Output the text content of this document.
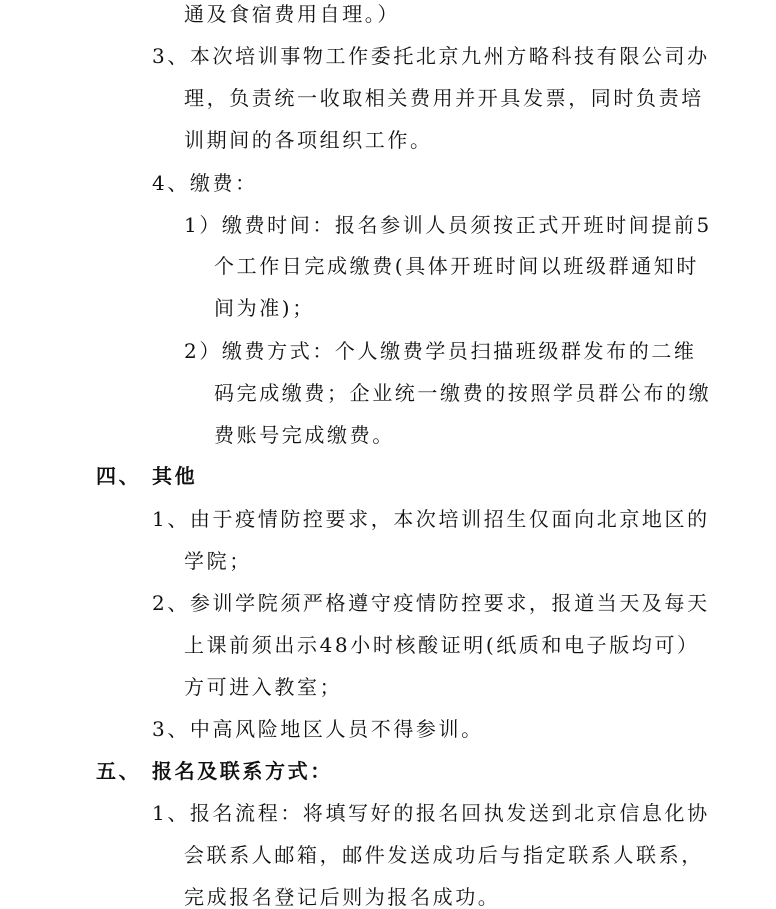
通及食宿费用自理。）
3、本次培训事物工作委托北京九州方略科技有限公司办
理，负责统一收取相关费用并开具发票，同时负责培
训期间的各项组织工作。
4、缴费：
1）缴费时间：报名参训人员须按正式开班时间提前5
个工作日完成缴费(具体开班时间以班级群通知时
间为准)；
2）缴费方式：个人缴费学员扫描班级群发布的二维
码完成缴费；企业统一缴费的按照学员群公布的缴
费账号完成缴费。
四、 其他
1、由于疫情防控要求，本次培训招生仅面向北京地区的
学院；
2、参训学院须严格遵守疫情防控要求，报道当天及每天
上课前须出示48小时核酸证明(纸质和电子版均可）
方可进入教室；
3、中高风险地区人员不得参训。
五、 报名及联系方式：
1、报名流程：将填写好的报名回执发送到北京信息化协
会联系人邮箱，邮件发送成功后与指定联系人联系，
完成报名登记后则为报名成功。
